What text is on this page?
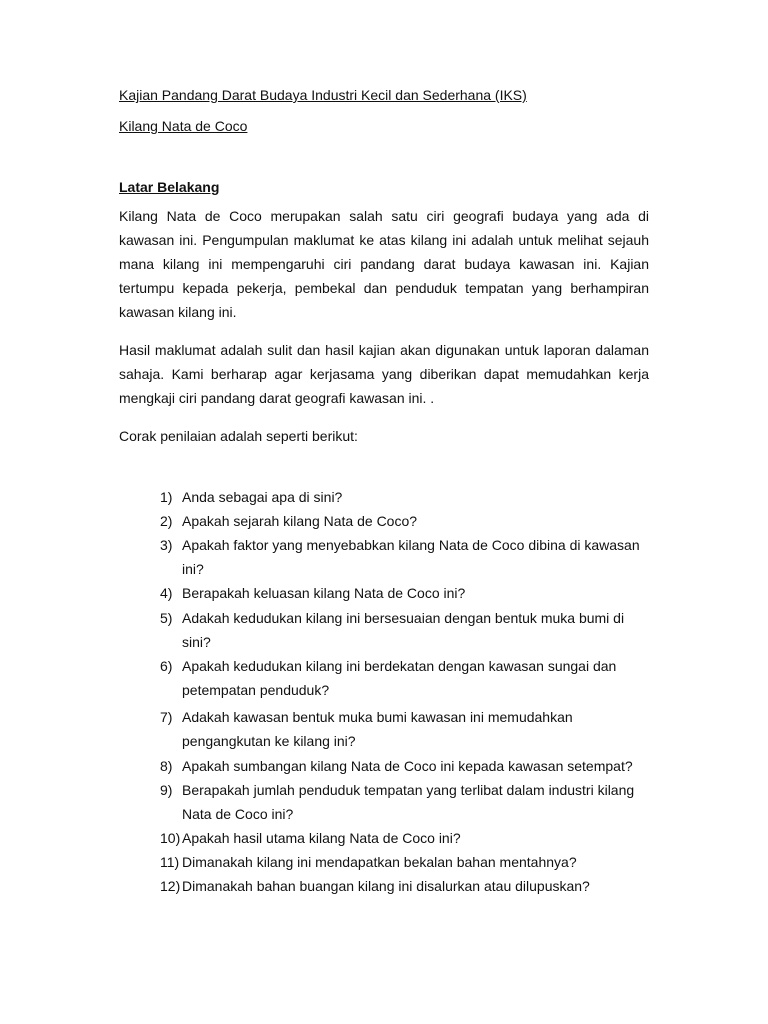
Kajian Pandang Darat Budaya Industri Kecil dan Sederhana (IKS)
Kilang Nata de Coco
Latar Belakang

Kilang Nata de Coco merupakan salah satu ciri geografi budaya yang ada di kawasan ini. Pengumpulan maklumat ke atas kilang ini adalah untuk melihat sejauh mana kilang ini mempengaruhi ciri pandang darat budaya kawasan ini. Kajian tertumpu kepada pekerja, pembekal dan penduduk tempatan yang berhampiran kawasan kilang ini.

Hasil maklumat adalah sulit dan hasil kajian akan digunakan untuk laporan dalaman sahaja. Kami berharap agar kerjasama yang diberikan dapat memudahkan kerja mengkaji ciri pandang darat geografi kawasan ini. .

Corak penilaian adalah seperti berikut:

1) Anda sebagai apa di sini?
2) Apakah sejarah kilang Nata de Coco?
3) Apakah faktor yang menyebabkan kilang Nata de Coco dibina di kawasan
ini?
4) Berapakah keluasan kilang Nata de Coco ini?
5) Adakah kedudukan kilang ini bersesuaian dengan bentuk muka bumi di
sini?
6) Apakah kedudukan kilang ini berdekatan dengan kawasan sungai dan
petempatan penduduk?
7) Adakah kawasan bentuk muka bumi kawasan ini memudahkan
pengangkutan ke kilang ini?
8) Apakah sumbangan kilang Nata de Coco ini kepada kawasan setempat?
9) Berapakah jumlah penduduk tempatan yang terlibat dalam industri kilang
Nata de Coco ini?
10) Apakah hasil utama kilang Nata de Coco ini?
11) Dimanakah kilang ini mendapatkan bekalan bahan mentahnya?
12) Dimanakah bahan buangan kilang ini disalurkan atau dilupuskan?
